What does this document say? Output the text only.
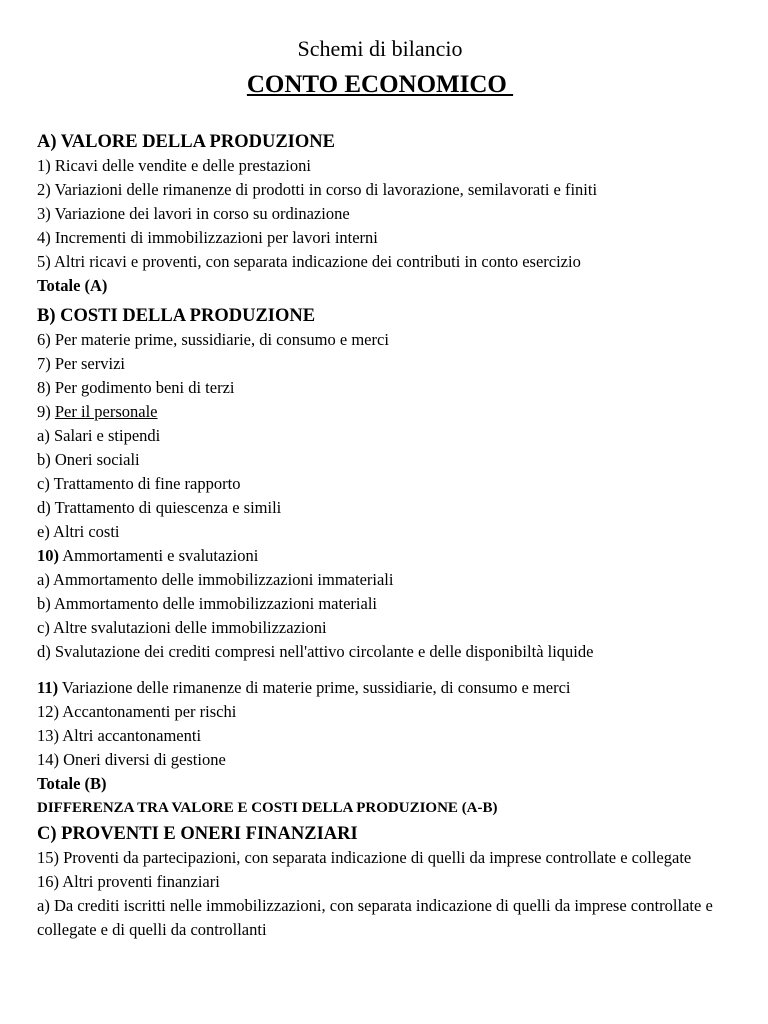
Schemi di bilancio
CONTO ECONOMICO
A) VALORE DELLA PRODUZIONE
1) Ricavi delle vendite e delle prestazioni
2) Variazioni delle rimanenze di prodotti in corso di lavorazione, semilavorati e finiti
3) Variazione dei lavori in corso su ordinazione
4) Incrementi di immobilizzazioni per lavori interni
5) Altri ricavi e proventi, con separata indicazione dei contributi in conto esercizio
Totale (A)
B) COSTI DELLA PRODUZIONE
6) Per materie prime, sussidiarie, di consumo e merci
7) Per servizi
8) Per godimento beni di terzi
9) Per il personale
a) Salari e stipendi
b) Oneri sociali
c) Trattamento di fine rapporto
d) Trattamento di quiescenza e simili
e) Altri costi
10) Ammortamenti e svalutazioni
a) Ammortamento delle immobilizzazioni immateriali
b) Ammortamento delle immobilizzazioni materiali
c) Altre svalutazioni delle immobilizzazioni
d) Svalutazione dei crediti compresi nell'attivo circolante e delle disponibiltà liquide
11) Variazione delle rimanenze di materie prime, sussidiarie, di consumo e merci
12) Accantonamenti per rischi
13) Altri accantonamenti
14) Oneri diversi di gestione
Totale (B)
DIFFERENZA TRA VALORE E COSTI DELLA PRODUZIONE (A-B)
C) PROVENTI E ONERI FINANZIARI
15) Proventi da partecipazioni, con separata indicazione di quelli da imprese controllate e collegate
16) Altri proventi finanziari
a) Da crediti iscritti nelle immobilizzazioni, con separata indicazione di quelli da imprese controllate e collegate e di quelli da controllanti
